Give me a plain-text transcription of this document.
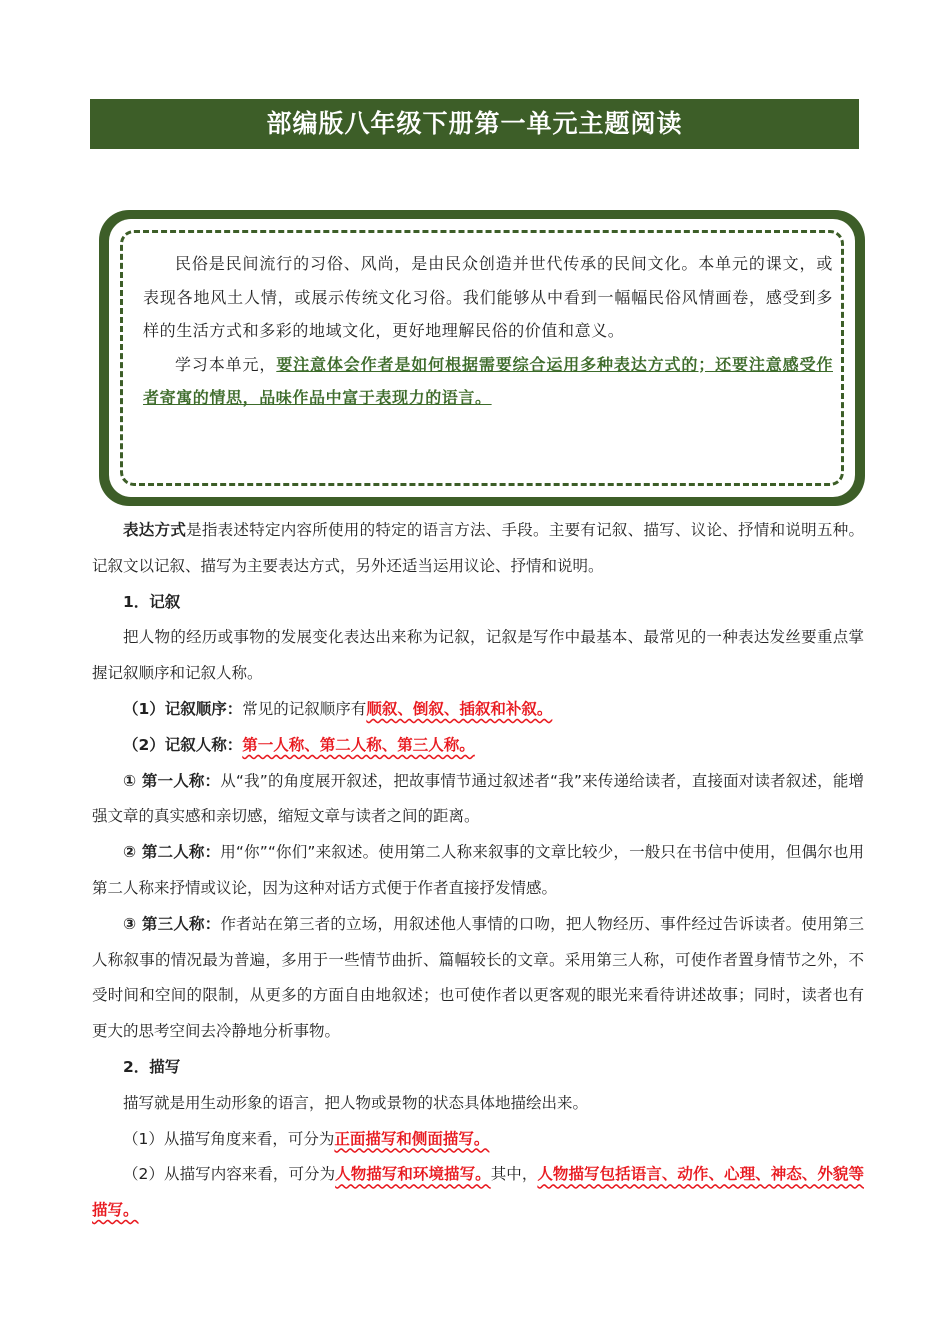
部编版八年级下册第一单元主题阅读

民俗是民间流行的习俗、风尚，是由民众创造并世代传承的民间文化。本单元的课文，或表现各地风土人情，或展示传统文化习俗。我们能够从中看到一幅幅民俗风情画卷，感受到多样的生活方式和多彩的地域文化，更好地理解民俗的价值和意义。

学习本单元，要注意体会作者是如何根据需要综合运用多种表达方式的；还要注意感受作者寄寓的情思，品味作品中富于表现力的语言。

表达方式是指表述特定内容所使用的特定的语言方法、手段。主要有记叙、描写、议论、抒情和说明五种。记叙文以记叙、描写为主要表达方式，另外还适当运用议论、抒情和说明。

1．记叙

把人物的经历或事物的发展变化表达出来称为记叙，记叙是写作中最基本、最常见的一种表达发丝要重点掌握记叙顺序和记叙人称。

（1）记叙顺序：常见的记叙顺序有顺叙、倒叙、插叙和补叙。

（2）记叙人称：第一人称、第二人称、第三人称。

① 第一人称：从“我”的角度展开叙述，把故事情节通过叙述者“我”来传递给读者，直接面对读者叙述，能增强文章的真实感和亲切感，缩短文章与读者之间的距离。

② 第二人称：用“你”“你们”来叙述。使用第二人称来叙事的文章比较少，一般只在书信中使用，但偶尔也用第二人称来抒情或议论，因为这种对话方式便于作者直接抒发情感。

③ 第三人称：作者站在第三者的立场，用叙述他人事情的口吻，把人物经历、事件经过告诉读者。使用第三人称叙事的情况最为普遍，多用于一些情节曲折、篇幅较长的文章。采用第三人称，可使作者置身情节之外，不受时间和空间的限制，从更多的方面自由地叙述；也可使作者以更客观的眼光来看待讲述故事；同时，读者也有更大的思考空间去冷静地分析事物。

2．描写

描写就是用生动形象的语言，把人物或景物的状态具体地描绘出来。

（1）从描写角度来看，可分为正面描写和侧面描写。

（2）从描写内容来看，可分为人物描写和环境描写。其中，人物描写包括语言、动作、心理、神态、外貌等描写。
